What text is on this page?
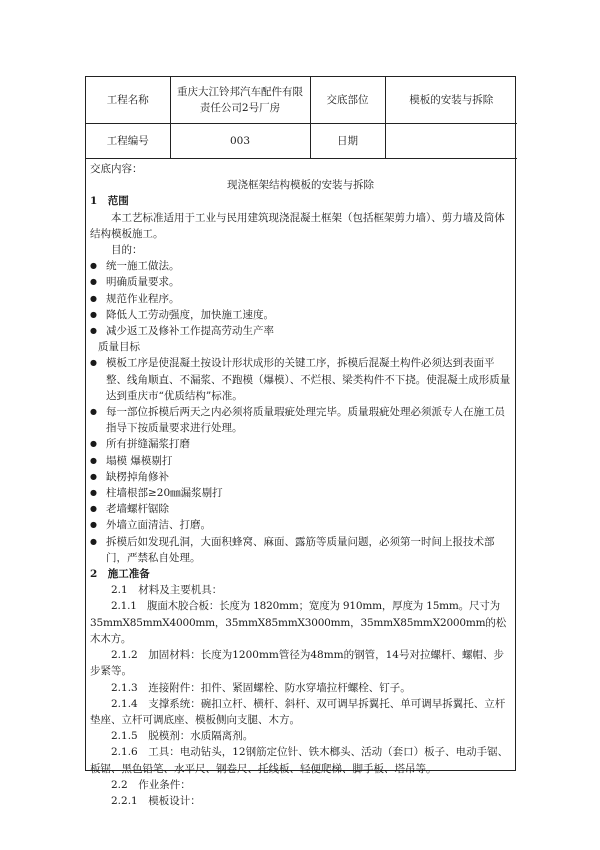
工程名称	重庆大江铃邦汽车配件有限责任公司2号厂房	交底部位	模板的安装与拆除
工程编号	003	日期	

交底内容：

现浇框架结构模板的安装与拆除

1　范围

本工艺标准适用于工业与民用建筑现浇混凝土框架（包括框架剪力墙）、剪力墙及筒体结构模板施工。

目的：

● 统一施工做法。
● 明确质量要求。
● 规范作业程序。
● 降低人工劳动强度，加快施工速度。
● 减少返工及修补工作提高劳动生产率

质量目标

● 模板工序是使混凝土按设计形状成形的关键工序，拆模后混凝土构件必须达到表面平整、线角顺直、不漏浆、不跑模（爆模）、不烂根、梁类构件不下挠。使混凝土成形质量达到重庆市“优质结构”标准。
● 每一部位拆模后两天之内必须将质量瑕疵处理完毕。质量瑕疵处理必须派专人在施工员指导下按质量要求进行处理。
● 所有拼缝漏浆打磨
● 塌模 爆模剔打
● 缺楞掉角修补
● 柱墙根部≥20㎜漏浆剔打
● 老墙螺杆锯除
● 外墙立面清洁、打磨。
● 拆模后如发现孔洞，大面积蜂窝、麻面、露筋等质量问题，必须第一时间上报技术部门，严禁私自处理。

2　施工准备

2.1　材料及主要机具：

2.1.1　腹面木胶合板：长度为 1820mm；宽度为 910mm，厚度为 15mm。尺寸为35mmX85mmX4000mm，35mmX85mmX3000mm，35mmX85mmX2000mm的松木木方。

2.1.2　加固材料：长度为1200mm管径为48mm的钢管，14号对拉螺杆、螺帽、步步紧等。

2.1.3　连接附件：扣件、紧固螺栓、防水穿墙拉杆螺栓、钉子。

2.1.4　支撑系统：碗扣立杆、横杆、斜杆、双可调早拆翼托、单可调早拆翼托、立杆垫座、立杆可调底座、模板侧向支腿、木方。

2.1.5　脱模剂：水质隔离剂。

2.1.6　工具：电动钻头，12钢筋定位针、铁木榔头、活动（套口）板子、电动手锯、板锯、黑色铅笔、水平尺、钢卷尺、托线板、轻便爬梯、脚手板、塔吊等。

2.2　作业条件：

2.2.1　模板设计：
